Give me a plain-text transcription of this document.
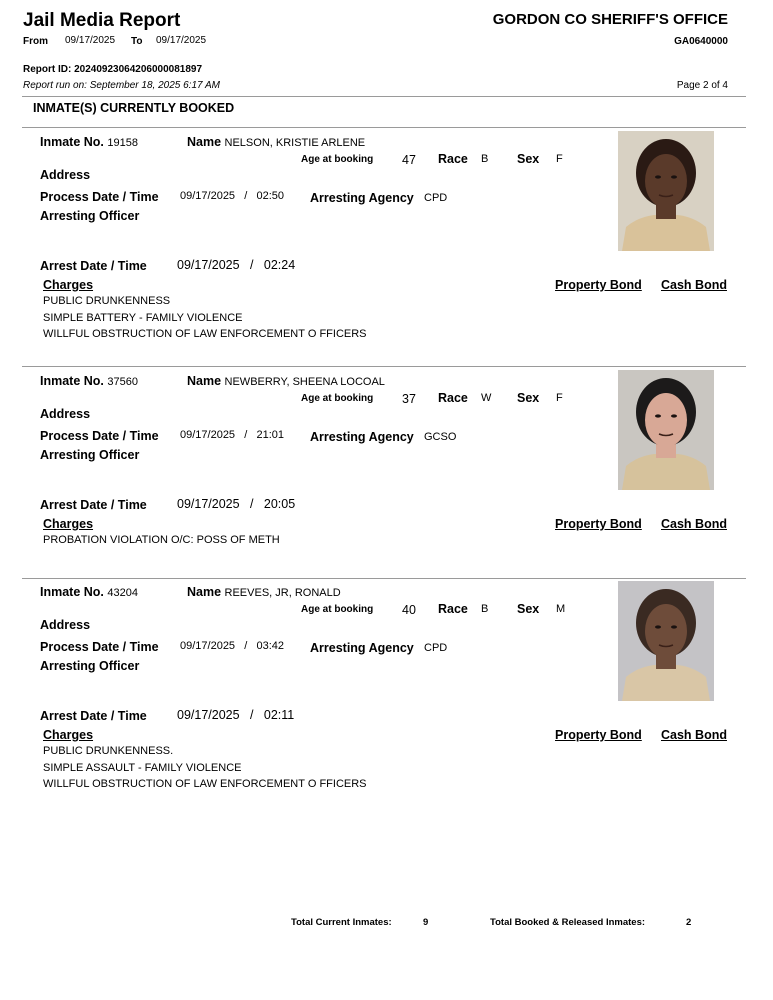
Jail Media Report	GORDON CO SHERIFF'S OFFICE
From 09/17/2025 To 09/17/2025	GA0640000
Report ID: 20240923064206000081897
Report run on: September 18, 2025 6:17 AM	Page 2 of 4
INMATE(S) CURRENTLY BOOKED
Inmate No. 19158	Name NELSON, KRISTIE ARLENE
Age at booking 47 Race B Sex F
Address
Process Date / Time 09/17/2025 / 02:50 Arresting Agency CPD
Arresting Officer
Arrest Date / Time 09/17/2025 / 02:24
Charges	Property Bond Cash Bond
PUBLIC DRUNKENNESS
SIMPLE BATTERY - FAMILY VIOLENCE
WILLFUL OBSTRUCTION OF LAW ENFORCEMENT O FFICERS
Inmate No. 37560	Name NEWBERRY, SHEENA LOCOAL
Age at booking 37 Race W Sex F
Address
Process Date / Time 09/17/2025 / 21:01 Arresting Agency GCSO
Arresting Officer
Arrest Date / Time 09/17/2025 / 20:05
Charges	Property Bond Cash Bond
PROBATION VIOLATION O/C: POSS OF METH
Inmate No. 43204	Name REEVES, JR, RONALD
Age at booking 40 Race B Sex M
Address
Process Date / Time 09/17/2025 / 03:42 Arresting Agency CPD
Arresting Officer
Arrest Date / Time 09/17/2025 / 02:11
Charges	Property Bond Cash Bond
PUBLIC DRUNKENNESS.
SIMPLE ASSAULT - FAMILY VIOLENCE
WILLFUL OBSTRUCTION OF LAW ENFORCEMENT O FFICERS
Total Current Inmates:	9	Total Booked & Released Inmates:	2
